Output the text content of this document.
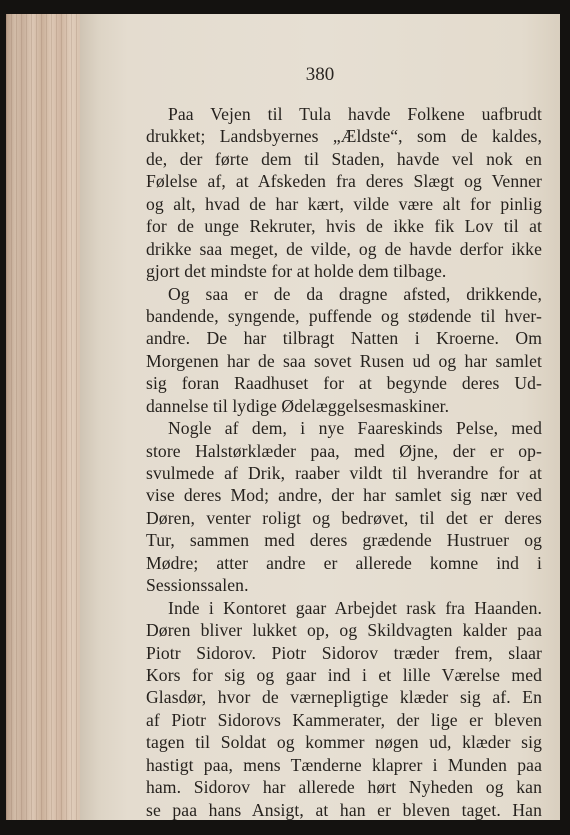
380
Paa Vejen til Tula havde Folkene uafbrudt
drukket; Landsbyernes „Ældste“, som de kaldes,
de, der førte dem til Staden, havde vel nok en
Følelse af, at Afskeden fra deres Slægt og Venner
og alt, hvad de har kært, vilde være alt for pinlig
for de unge Rekruter, hvis de ikke fik Lov til at
drikke saa meget, de vilde, og de havde derfor ikke
gjort det mindste for at holde dem tilbage.
Og saa er de da dragne afsted, drikkende,
bandende, syngende, puffende og stødende til hver-
andre. De har tilbragt Natten i Kroerne. Om
Morgenen har de saa sovet Rusen ud og har samlet
sig foran Raadhuset for at begynde deres Ud-
dannelse til lydige Ødelæggelsesmaskiner.
Nogle af dem, i nye Faareskinds Pelse, med
store Halstørklæder paa, med Øjne, der er op-
svulmede af Drik, raaber vildt til hverandre for at
vise deres Mod; andre, der har samlet sig nær ved
Døren, venter roligt og bedrøvet, til det er deres
Tur, sammen med deres grædende Hustruer og
Mødre; atter andre er allerede komne ind i
Sessionssalen.
Inde i Kontoret gaar Arbejdet rask fra Haanden.
Døren bliver lukket op, og Skildvagten kalder paa
Piotr Sidorov. Piotr Sidorov træder frem, slaar
Kors for sig og gaar ind i et lille Værelse med
Glasdør, hvor de værnepligtige klæder sig af. En
af Piotr Sidorovs Kammerater, der lige er bleven
tagen til Soldat og kommer nøgen ud, klæder sig
hastigt paa, mens Tænderne klaprer i Munden paa
ham. Sidorov har allerede hørt Nyheden og kan
se paa hans Ansigt, at han er bleven taget. Han
